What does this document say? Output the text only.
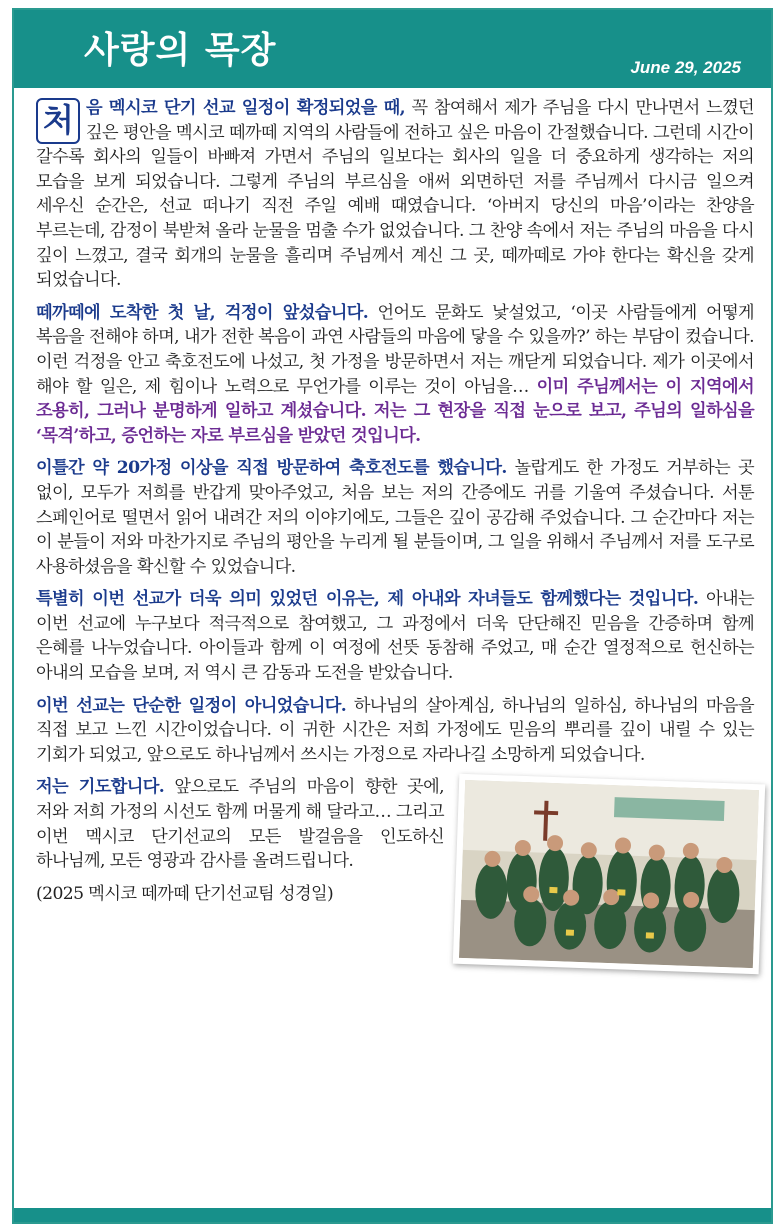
사랑의 목장	June 29, 2025

처 음 멕시코 단기 선교 일정이 확정되었을 때, 꼭 참여해서 제가 주님을 다시 만나면서 느꼈던 깊은 평안을 멕시코 떼까떼 지역의 사람들에 전하고 싶은 마음이 간절했습니다. 그런데 시간이 갈수록 회사의 일들이 바빠져 가면서 주님의 일보다는 회사의 일을 더 중요하게 생각하는 저의 모습을 보게 되었습니다. 그렇게 주님의 부르심을 애써 외면하던 저를 주님께서 다시금 일으켜 세우신 순간은, 선교 떠나기 직전 주일 예배 때였습니다. ‘아버지 당신의 마음’이라는 찬양을 부르는데, 감정이 북받쳐 올라 눈물을 멈출 수가 없었습니다. 그 찬양 속에서 저는 주님의 마음을 다시 깊이 느꼈고, 결국 회개의 눈물을 흘리며 주님께서 계신 그 곳, 떼까떼로 가야 한다는 확신을 갖게 되었습니다.

떼까떼에 도착한 첫 날, 걱정이 앞섰습니다. 언어도 문화도 낯설었고, ‘이곳 사람들에게 어떻게 복음을 전해야 하며, 내가 전한 복음이 과연 사람들의 마음에 닿을 수 있을까?’ 하는 부담이 컸습니다. 이런 걱정을 안고 축호전도에 나섰고, 첫 가정을 방문하면서 저는 깨닫게 되었습니다. 제가 이곳에서 해야 할 일은, 제 힘이나 노력으로 무언가를 이루는 것이 아님을… 이미 주님께서는 이 지역에서 조용히, 그러나 분명하게 일하고 계셨습니다. 저는 그 현장을 직접 눈으로 보고, 주님의 일하심을 ‘목격’하고, 증언하는 자로 부르심을 받았던 것입니다.

이틀간 약 20가정 이상을 직접 방문하여 축호전도를 했습니다. 놀랍게도 한 가정도 거부하는 곳 없이, 모두가 저희를 반갑게 맞아주었고, 처음 보는 저의 간증에도 귀를 기울여 주셨습니다. 서툰 스페인어로 떨면서 읽어 내려간 저의 이야기에도, 그들은 깊이 공감해 주었습니다. 그 순간마다 저는 이 분들이 저와 마찬가지로 주님의 평안을 누리게 될 분들이며, 그 일을 위해서 주님께서 저를 도구로 사용하셨음을 확신할 수 있었습니다.

특별히 이번 선교가 더욱 의미 있었던 이유는, 제 아내와 자녀들도 함께했다는 것입니다. 아내는 이번 선교에 누구보다 적극적으로 참여했고, 그 과정에서 더욱 단단해진 믿음을 간증하며 함께 은혜를 나누었습니다. 아이들과 함께 이 여정에 선뜻 동참해 주었고, 매 순간 열정적으로 헌신하는 아내의 모습을 보며, 저 역시 큰 감동과 도전을 받았습니다.

이번 선교는 단순한 일정이 아니었습니다. 하나님의 살아계심, 하나님의 일하심, 하나님의 마음을 직접 보고 느낀 시간이었습니다. 이 귀한 시간은 저희 가정에도 믿음의 뿌리를 깊이 내릴 수 있는 기회가 되었고, 앞으로도 하나님께서 쓰시는 가정으로 자라나길 소망하게 되었습니다.

저는 기도합니다. 앞으로도 주님의 마음이 향한 곳에, 저와 저희 가정의 시선도 함께 머물게 해 달라고… 그리고 이번 멕시코 단기선교의 모든 발걸음을 인도하신 하나님께, 모든 영광과 감사를 올려드립니다.

(2025 멕시코 떼까떼 단기선교팀 성경일)
